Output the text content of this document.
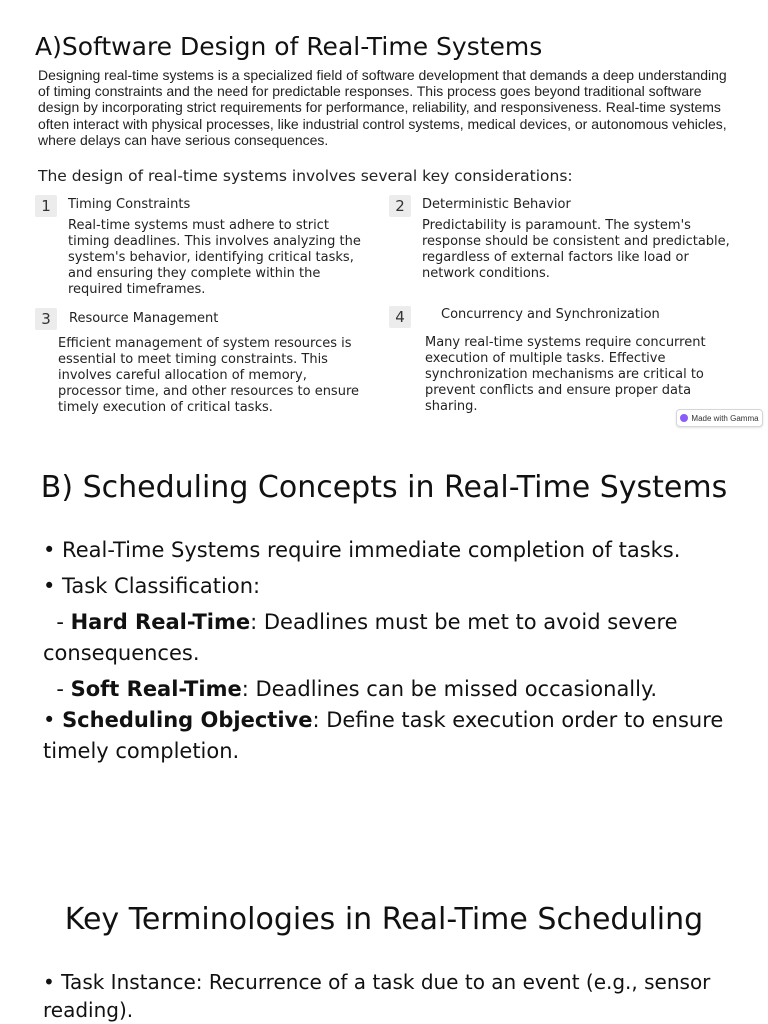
A)Software Design of Real-Time Systems

Designing real-time systems is a specialized field of software development that demands a deep understanding of timing constraints and the need for predictable responses. This process goes beyond traditional software design by incorporating strict requirements for performance, reliability, and responsiveness. Real-time systems often interact with physical processes, like industrial control systems, medical devices, or autonomous vehicles, where delays can have serious consequences.

The design of real-time systems involves several key considerations:

1	Timing Constraints
Real-time systems must adhere to strict timing deadlines. This involves analyzing the system's behavior, identifying critical tasks, and ensuring they complete within the required timeframes.
2	Deterministic Behavior
Predictability is paramount. The system's response should be consistent and predictable, regardless of external factors like load or network conditions.
3	Resource Management
Efficient management of system resources is essential to meet timing constraints. This involves careful allocation of memory, processor time, and other resources to ensure timely execution of critical tasks.
4	Concurrency and Synchronization
Many real-time systems require concurrent execution of multiple tasks. Effective synchronization mechanisms are critical to prevent conflicts and ensure proper data sharing.
Made with Gamma
B) Scheduling Concepts in Real-Time Systems
• Real-Time Systems require immediate completion of tasks.
• Task Classification:
- Hard Real-Time: Deadlines must be met to avoid severe consequences.
- Soft Real-Time: Deadlines can be missed occasionally.
• Scheduling Objective: Define task execution order to ensure timely completion.
Key Terminologies in Real-Time Scheduling
• Task Instance: Recurrence of a task due to an event (e.g., sensor reading).
